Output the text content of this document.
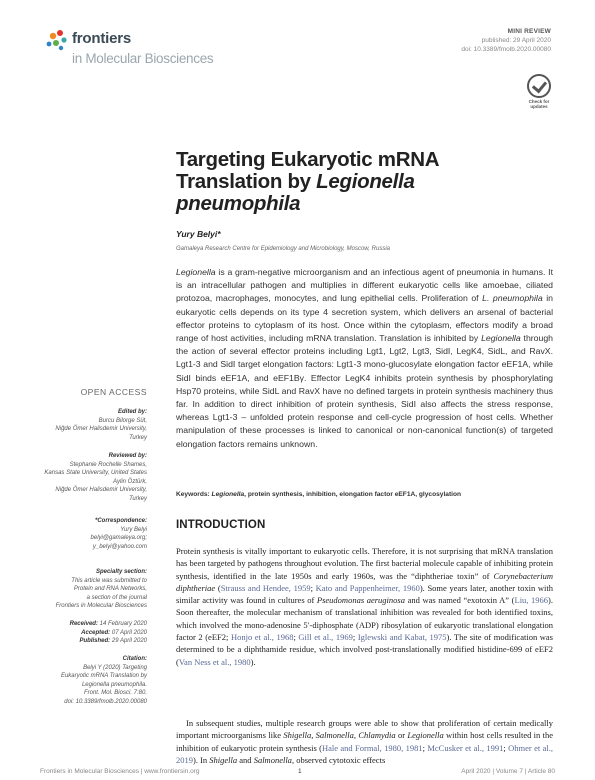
frontiers
in Molecular Biosciences
MINI REVIEW
published: 29 April 2020
doi: 10.3389/fmolb.2020.00080
Check for
updates
Targeting Eukaryotic mRNA
Translation by Legionella
pneumophila
Yury Belyi*
Gamaleya Research Centre for Epidemiology and Microbiology, Moscow, Russia
Legionella is a gram-negative microorganism and an infectious agent of pneumonia in humans. It is an intracellular pathogen and multiplies in different eukaryotic cells like amoebae, ciliated protozoa, macrophages, monocytes, and lung epithelial cells. Proliferation of L. pneumophila in eukaryotic cells depends on its type 4 secretion system, which delivers an arsenal of bacterial effector proteins to cytoplasm of its host. Once within the cytoplasm, effectors modify a broad range of host activities, including mRNA translation. Translation is inhibited by Legionella through the action of several effector proteins including Lgt1, Lgt2, Lgt3, SidI, LegK4, SidL, and RavX. Lgt1-3 and SidI target elongation factors: Lgt1-3 mono-glucosylate elongation factor eEF1A, while SidI binds eEF1A, and eEF1Bγ. Effector LegK4 inhibits protein synthesis by phosphorylating Hsp70 proteins, while SidL and RavX have no defined targets in protein synthesis machinery thus far. In addition to direct inhibition of protein synthesis, SidI also affects the stress response, whereas Lgt1-3 – unfolded protein response and cell-cycle progression of host cells. Whether manipulation of these processes is linked to canonical or non-canonical function(s) of targeted elongation factors remains unknown.
Keywords: Legionella, protein synthesis, inhibition, elongation factor eEF1A, glycosylation
INTRODUCTION
Protein synthesis is vitally important to eukaryotic cells. Therefore, it is not surprising that mRNA translation has been targeted by pathogens throughout evolution. The first bacterial molecule capable of inhibiting protein synthesis, identified in the late 1950s and early 1960s, was the “diphtheriae toxin” of Corynebacterium diphtheriae (Strauss and Hendee, 1959; Kato and Pappenheimer, 1960). Some years later, another toxin with similar activity was found in cultures of Pseudomonas aeruginosa and was named “exotoxin A” (Liu, 1966). Soon thereafter, the molecular mechanism of translational inhibition was revealed for both identified toxins, which involved the mono-adenosine 5′-diphosphate (ADP) ribosylation of eukaryotic translational elongation factor 2 (eEF2; Honjo et al., 1968; Gill et al., 1969; Iglewski and Kabat, 1975). The site of modification was determined to be a diphthamide residue, which involved post-translationally modified histidine-699 of eEF2 (Van Ness et al., 1980).
In subsequent studies, multiple research groups were able to show that proliferation of certain medically important microorganisms like Shigella, Salmonella, Chlamydia or Legionella within host cells resulted in the inhibition of eukaryotic protein synthesis (Hale and Formal, 1980, 1981; McCusker et al., 1991; Ohmer et al., 2019). In Shigella and Salmonella, observed cytotoxic effects
OPEN ACCESS
Edited by:
Burcu Bilorge Süt,
Niğde Ömer Halisdemir University,
Turkey
Reviewed by:
Stephanie Rochelle Shames,
Kansas State University, United States
Aylin Öztürk,
Niğde Ömer Halisdemir University,
Turkey
*Correspondence:
Yury Belyi
belyi@gamaleya.org;
y_belyi@yahoo.com
Specialty section:
This article was submitted to
Protein and RNA Networks,
a section of the journal
Frontiers in Molecular Biosciences
Received: 14 February 2020
Accepted: 07 April 2020
Published: 29 April 2020
Citation:
Belyi Y (2020) Targeting
Eukaryotic mRNA Translation by
Legionella pneumophila.
Front. Mol. Biosci. 7:80.
doi: 10.3389/fmolb.2020.00080
Frontiers in Molecular Biosciences | www.frontiersin.org	1	April 2020 | Volume 7 | Article 80
